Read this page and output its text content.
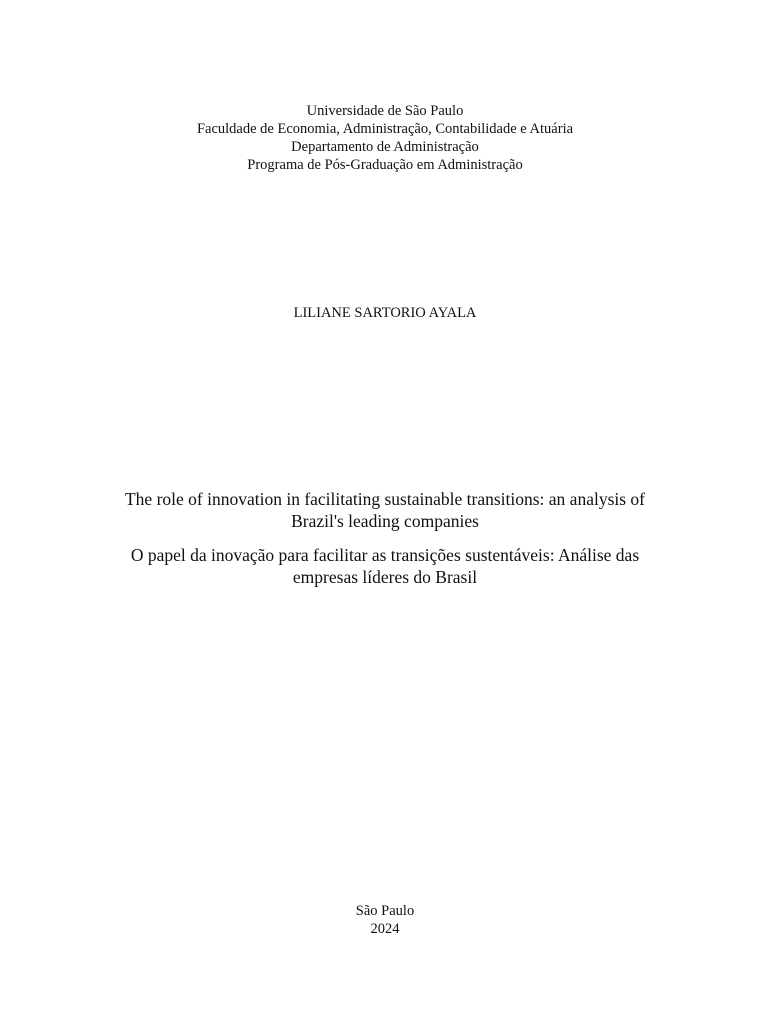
Universidade de São Paulo
Faculdade de Economia, Administração, Contabilidade e Atuária
Departamento de Administração
Programa de Pós-Graduação em Administração
LILIANE SARTORIO AYALA
The role of innovation in facilitating sustainable transitions: an analysis of Brazil's leading companies
O papel da inovação para facilitar as transições sustentáveis: Análise das empresas líderes do Brasil
São Paulo
2024
